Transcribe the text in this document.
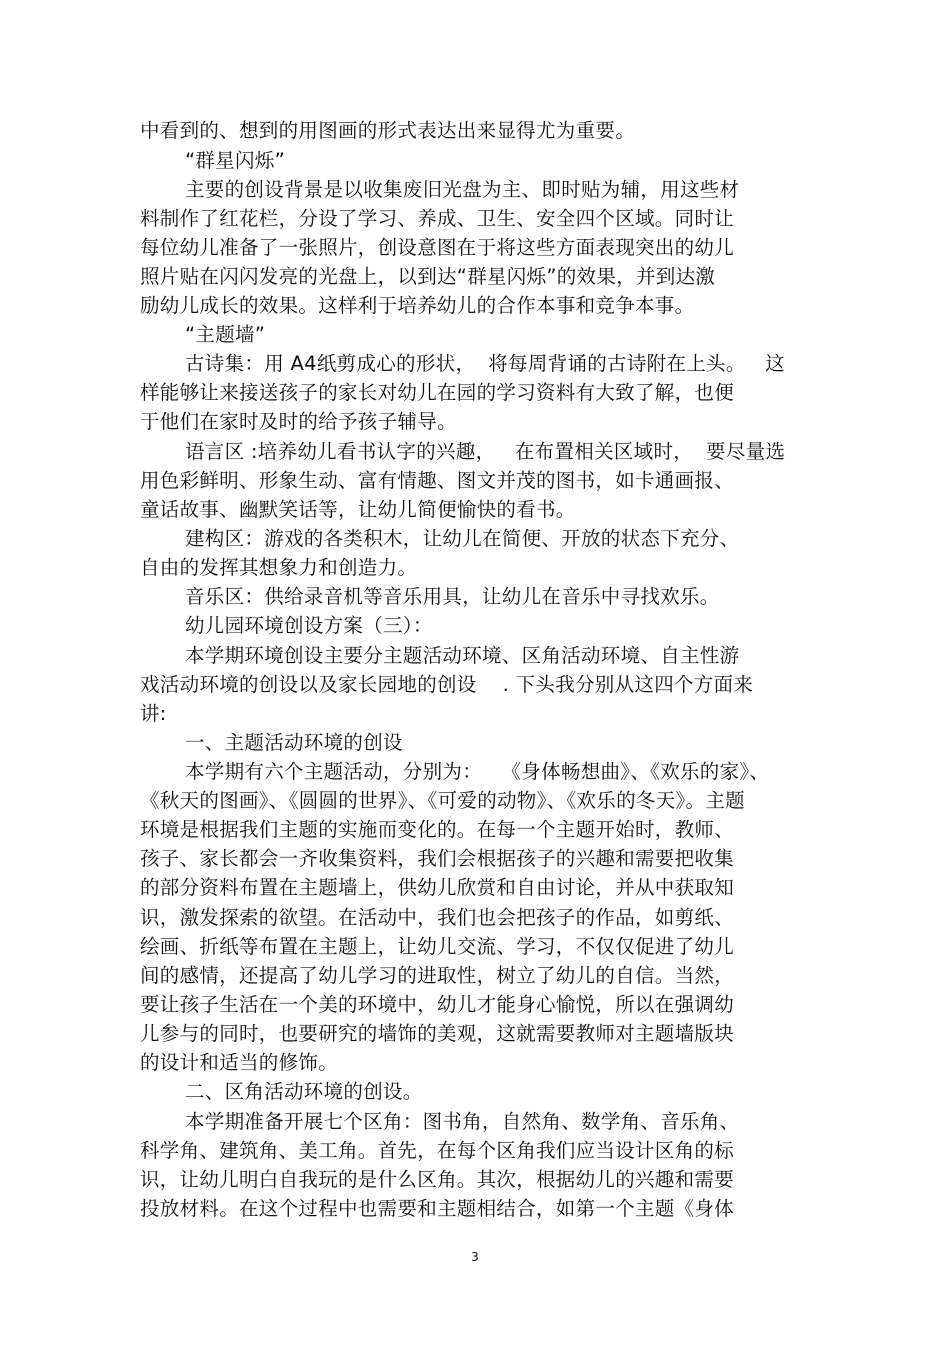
中看到的、想到的用图画的形式表达出来显得尤为重要。
“群星闪烁”
主要的创设背景是以收集废旧光盘为主、即时贴为辅，用这些材
料制作了红花栏，分设了学习、养成、卫生、安全四个区域。同时让
每位幼儿准备了一张照片，创设意图在于将这些方面表现突出的幼儿
照片贴在闪闪发亮的光盘上，以到达“群星闪烁”的效果，并到达激
励幼儿成长的效果。这样利于培养幼儿的合作本事和竞争本事。
“主题墙”
古诗集：用 A4纸剪成心的形状，  将每周背诵的古诗附在上头。   这
样能够让来接送孩子的家长对幼儿在园的学习资料有大致了解，也便
于他们在家时及时的给予孩子辅导。
语言区 :培养幼儿看书认字的兴趣，   在布置相关区域时，  要尽量选
用色彩鲜明、形象生动、富有情趣、图文并茂的图书，如卡通画报、
童话故事、幽默笑话等，让幼儿简便愉快的看书。
建构区：游戏的各类积木，让幼儿在简便、开放的状态下充分、
自由的发挥其想象力和创造力。
音乐区：供给录音机等音乐用具，让幼儿在音乐中寻找欢乐。
幼儿园环境创设方案（三）：
本学期环境创设主要分主题活动环境、区角活动环境、自主性游
戏活动环境的创设以及家长园地的创设    . 下头我分别从这四个方面来
讲:
一、主题活动环境的创设
本学期有六个主题活动，分别为：   《身体畅想曲》、《欢乐的家》、
《秋天的图画》、《圆圆的世界》、《可爱的动物》、《欢乐的冬天》。主题
环境是根据我们主题的实施而变化的。在每一个主题开始时，教师、
孩子、家长都会一齐收集资料，我们会根据孩子的兴趣和需要把收集
的部分资料布置在主题墙上，供幼儿欣赏和自由讨论，并从中获取知
识，激发探索的欲望。在活动中，我们也会把孩子的作品，如剪纸、
绘画、折纸等布置在主题上，让幼儿交流、学习，不仅仅促进了幼儿
间的感情，还提高了幼儿学习的进取性，树立了幼儿的自信。当然，
要让孩子生活在一个美的环境中，幼儿才能身心愉悦，所以在强调幼
儿参与的同时，也要研究的墙饰的美观，这就需要教师对主题墙版块
的设计和适当的修饰。
二、区角活动环境的创设。
本学期准备开展七个区角：图书角，自然角、数学角、音乐角、
科学角、建筑角、美工角。首先，在每个区角我们应当设计区角的标
识，让幼儿明白自我玩的是什么区角。其次，根据幼儿的兴趣和需要
投放材料。在这个过程中也需要和主题相结合，如第一个主题《身体
3
